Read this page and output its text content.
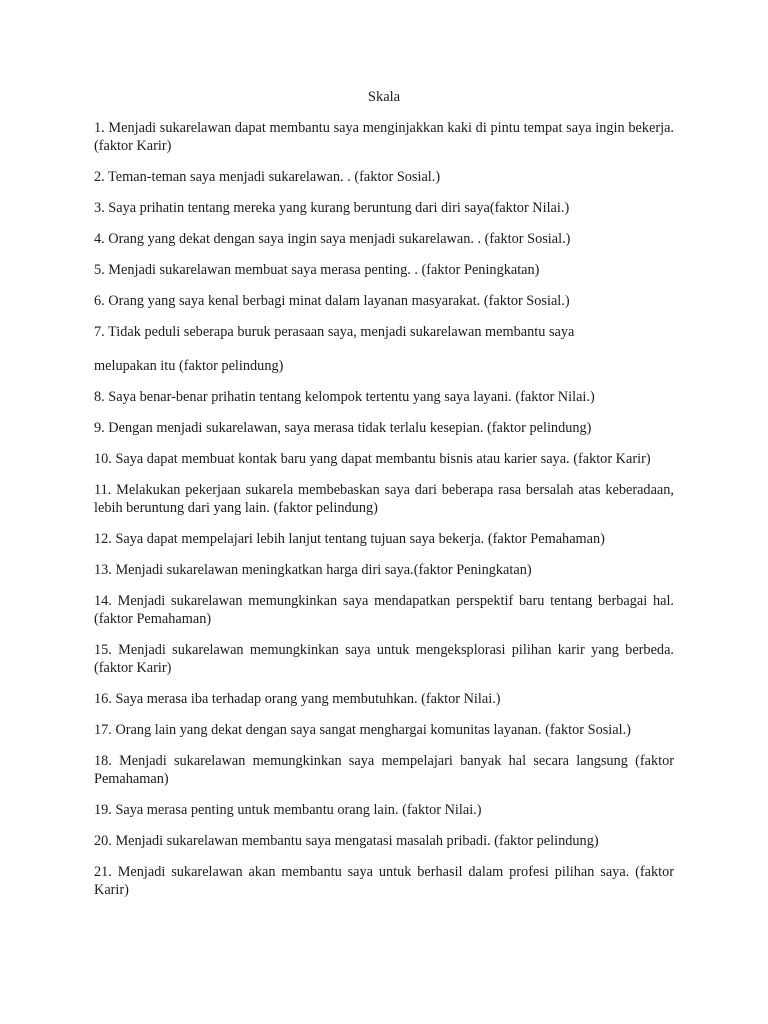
Skala

1. Menjadi sukarelawan dapat membantu saya menginjakkan kaki di pintu tempat saya ingin bekerja. (faktor Karir)

2. Teman-teman saya menjadi sukarelawan. . (faktor Sosial.)

3. Saya prihatin tentang mereka yang kurang beruntung dari diri saya(faktor Nilai.)

4. Orang yang dekat dengan saya ingin saya menjadi sukarelawan. . (faktor Sosial.)

5. Menjadi sukarelawan membuat saya merasa penting. . (faktor Peningkatan)

6. Orang yang saya kenal berbagi minat dalam layanan masyarakat. (faktor Sosial.)

7. Tidak peduli seberapa buruk perasaan saya, menjadi sukarelawan membantu saya

melupakan itu (faktor pelindung)

8. Saya benar-benar prihatin tentang kelompok tertentu yang saya layani. (faktor Nilai.)

9. Dengan menjadi sukarelawan, saya merasa tidak terlalu kesepian. (faktor pelindung)

10. Saya dapat membuat kontak baru yang dapat membantu bisnis atau karier saya. (faktor Karir)

11. Melakukan pekerjaan sukarela membebaskan saya dari beberapa rasa bersalah atas keberadaan, lebih beruntung dari yang lain. (faktor pelindung)

12. Saya dapat mempelajari lebih lanjut tentang tujuan saya bekerja. (faktor Pemahaman)

13. Menjadi sukarelawan meningkatkan harga diri saya.(faktor Peningkatan)

14. Menjadi sukarelawan memungkinkan saya mendapatkan perspektif baru tentang berbagai hal. (faktor Pemahaman)

15. Menjadi sukarelawan memungkinkan saya untuk mengeksplorasi pilihan karir yang berbeda. (faktor Karir)

16. Saya merasa iba terhadap orang yang membutuhkan. (faktor Nilai.)

17. Orang lain yang dekat dengan saya sangat menghargai komunitas layanan. (faktor Sosial.)

18. Menjadi sukarelawan memungkinkan saya mempelajari banyak hal secara langsung (faktor Pemahaman)

19. Saya merasa penting untuk membantu orang lain. (faktor Nilai.)

20. Menjadi sukarelawan membantu saya mengatasi masalah pribadi. (faktor pelindung)

21. Menjadi sukarelawan akan membantu saya untuk berhasil dalam profesi pilihan saya. (faktor Karir)
